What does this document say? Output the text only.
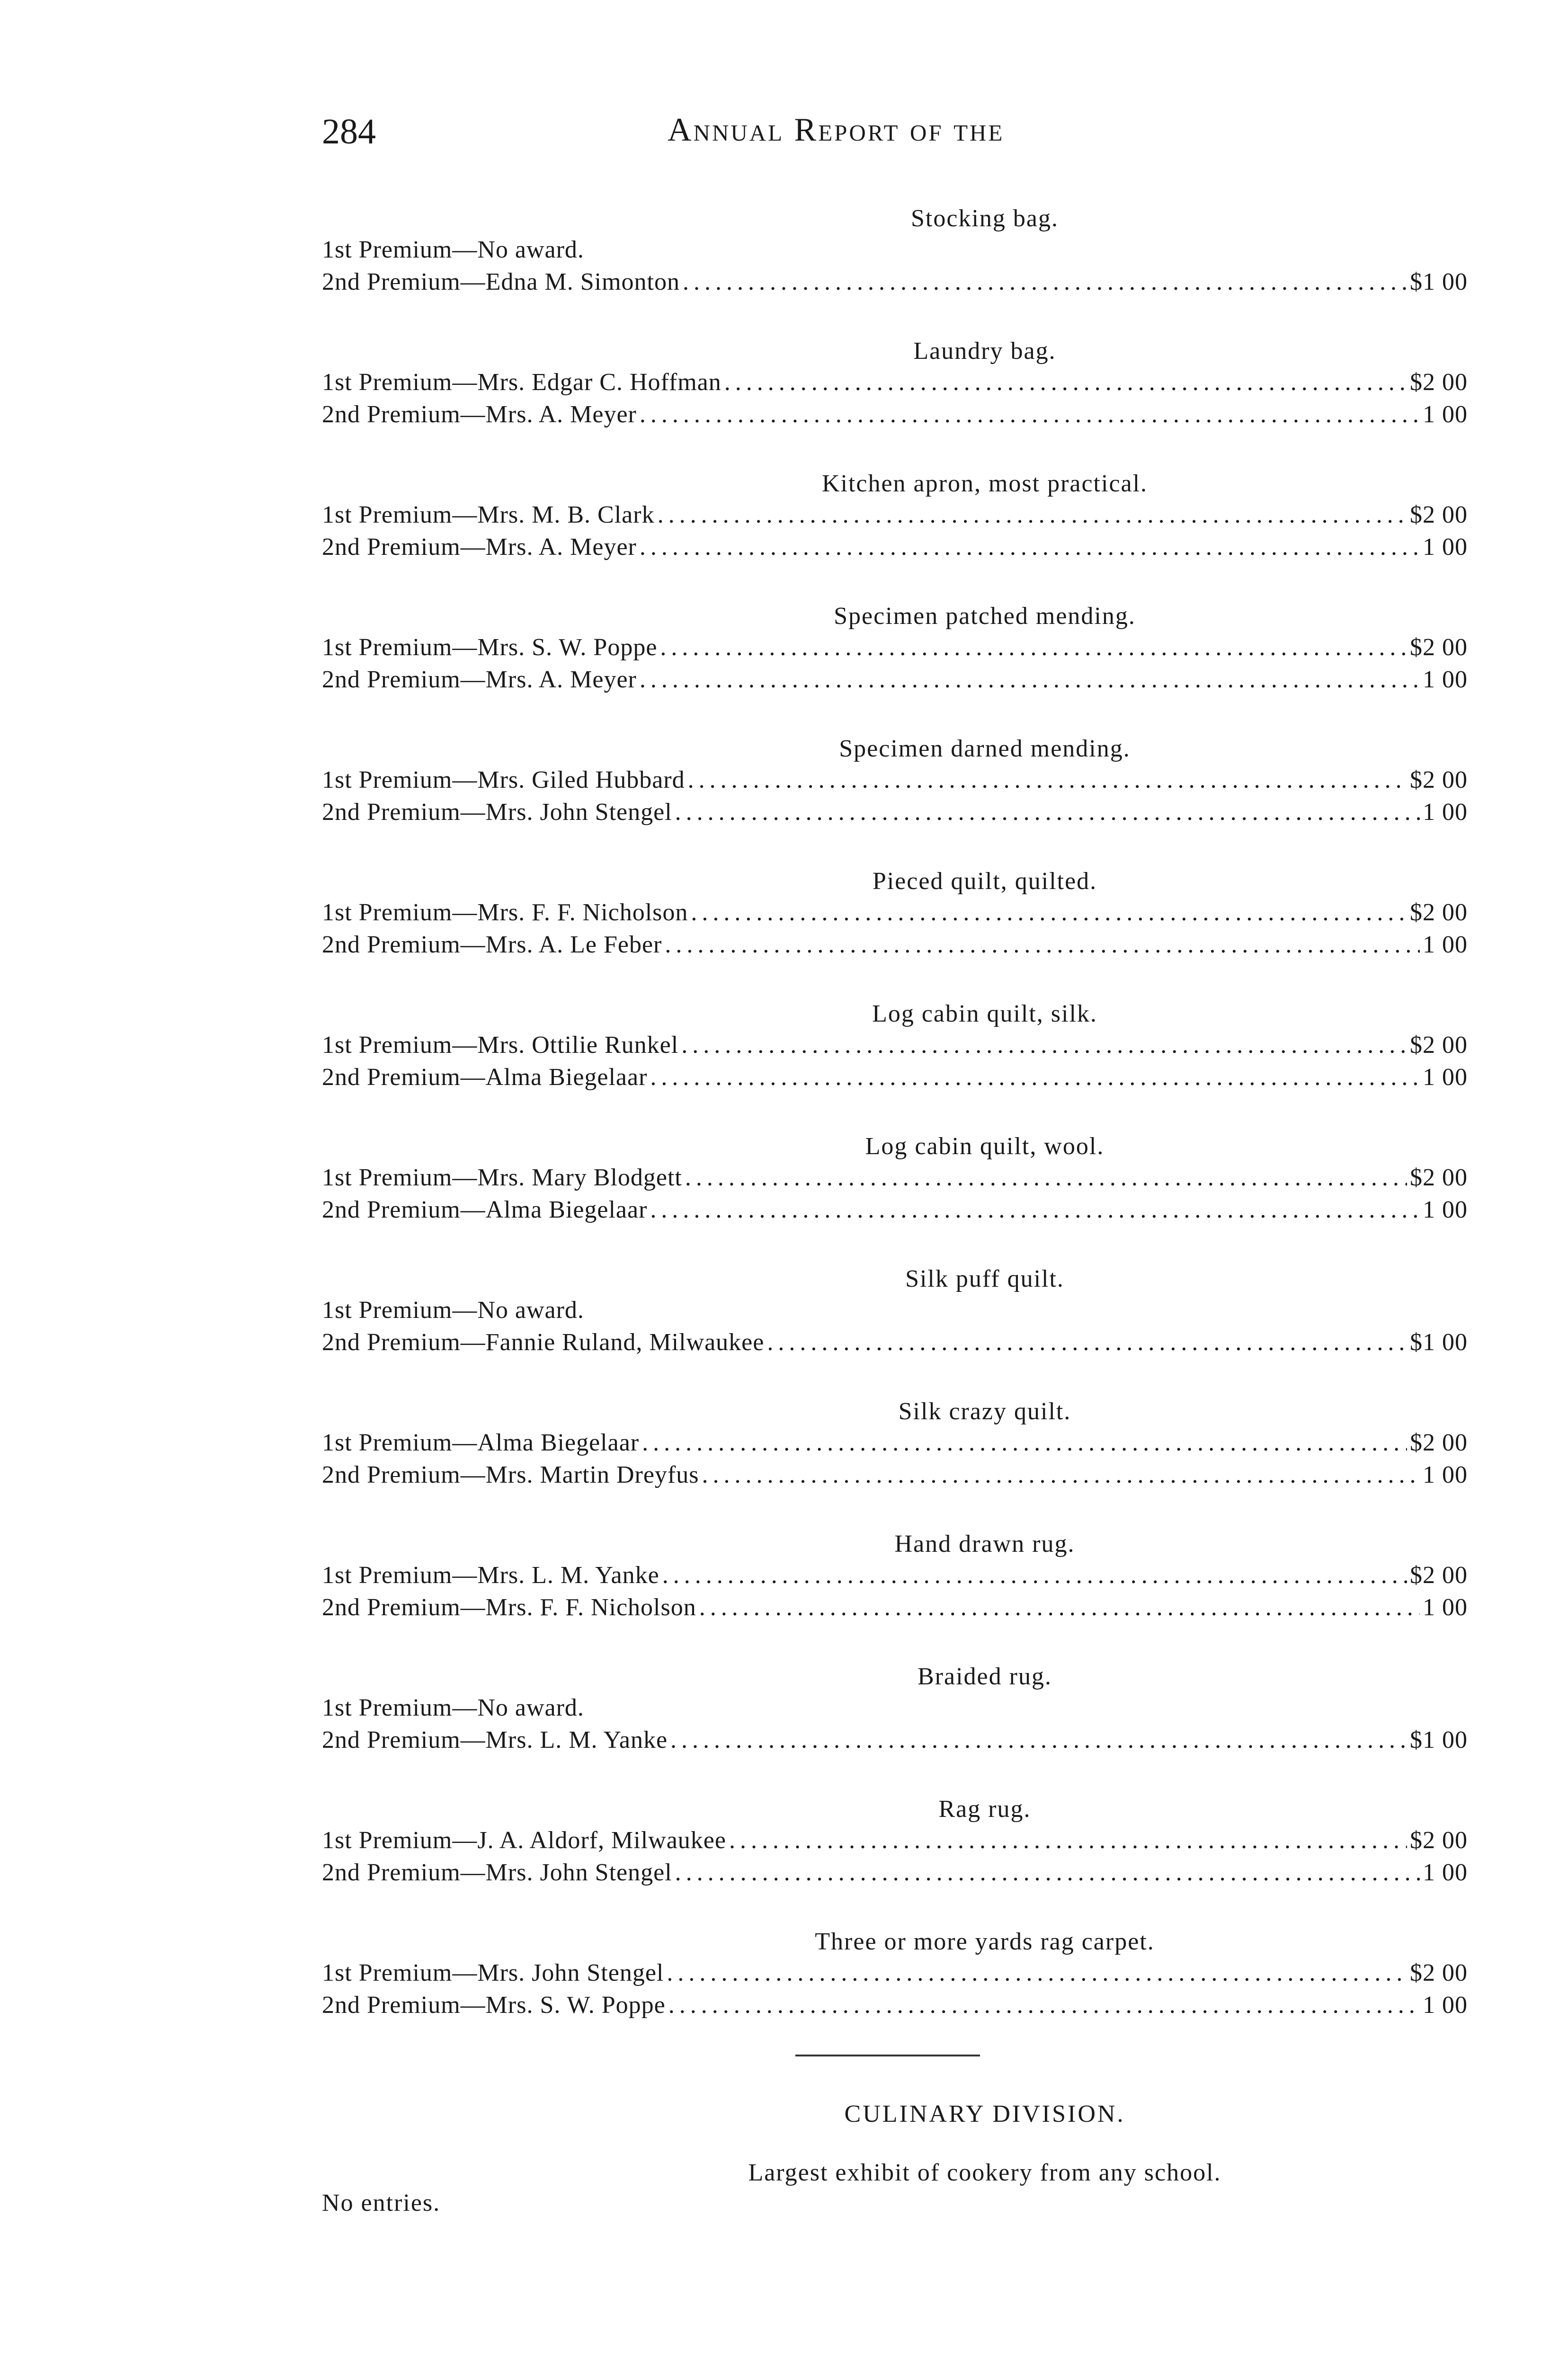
284	Annual Report of the
Stocking bag.
1st Premium—No award.
2nd Premium—Edna M. Simonton .....	$1 00
Laundry bag.
1st Premium—Mrs. Edgar C. Hoffman .....	$2 00
2nd Premium—Mrs. A. Meyer .....	1 00
Kitchen apron, most practical.
1st Premium—Mrs. M. B. Clark .....	$2 00
2nd Premium—Mrs. A. Meyer .....	1 00
Specimen patched mending.
1st Premium—Mrs. S. W. Poppe .....	$2 00
2nd Premium—Mrs. A. Meyer .....	1 00
Specimen darned mending.
1st Premium—Mrs. Giled Hubbard .....	$2 00
2nd Premium—Mrs. John Stengel .....	1 00
Pieced quilt, quilted.
1st Premium—Mrs. F. F. Nicholson .....	$2 00
2nd Premium—Mrs. A. Le Feber .....	1 00
Log cabin quilt, silk.
1st Premium—Mrs. Ottilie Runkel .....	$2 00
2nd Premium—Alma Biegelaar .....	1 00
Log cabin quilt, wool.
1st Premium—Mrs. Mary Blodgett .....	$2 00
2nd Premium—Alma Biegelaar .....	1 00
Silk puff quilt.
1st Premium—No award.
2nd Premium—Fannie Ruland, Milwaukee .....	$1 00
Silk crazy quilt.
1st Premium—Alma Biegelaar .....	$2 00
2nd Premium—Mrs. Martin Dreyfus .....	1 00
Hand drawn rug.
1st Premium—Mrs. L. M. Yanke .....	$2 00
2nd Premium—Mrs. F. F. Nicholson .....	1 00
Braided rug.
1st Premium—No award.
2nd Premium—Mrs. L. M. Yanke .....	$1 00
Rag rug.
1st Premium—J. A. Aldorf, Milwaukee .....	$2 00
2nd Premium—Mrs. John Stengel .....	1 00
Three or more yards rag carpet.
1st Premium—Mrs. John Stengel .....	$2 00
2nd Premium—Mrs. S. W. Poppe .....	1 00
CULINARY DIVISION.
Largest exhibit of cookery from any school.
No entries.
